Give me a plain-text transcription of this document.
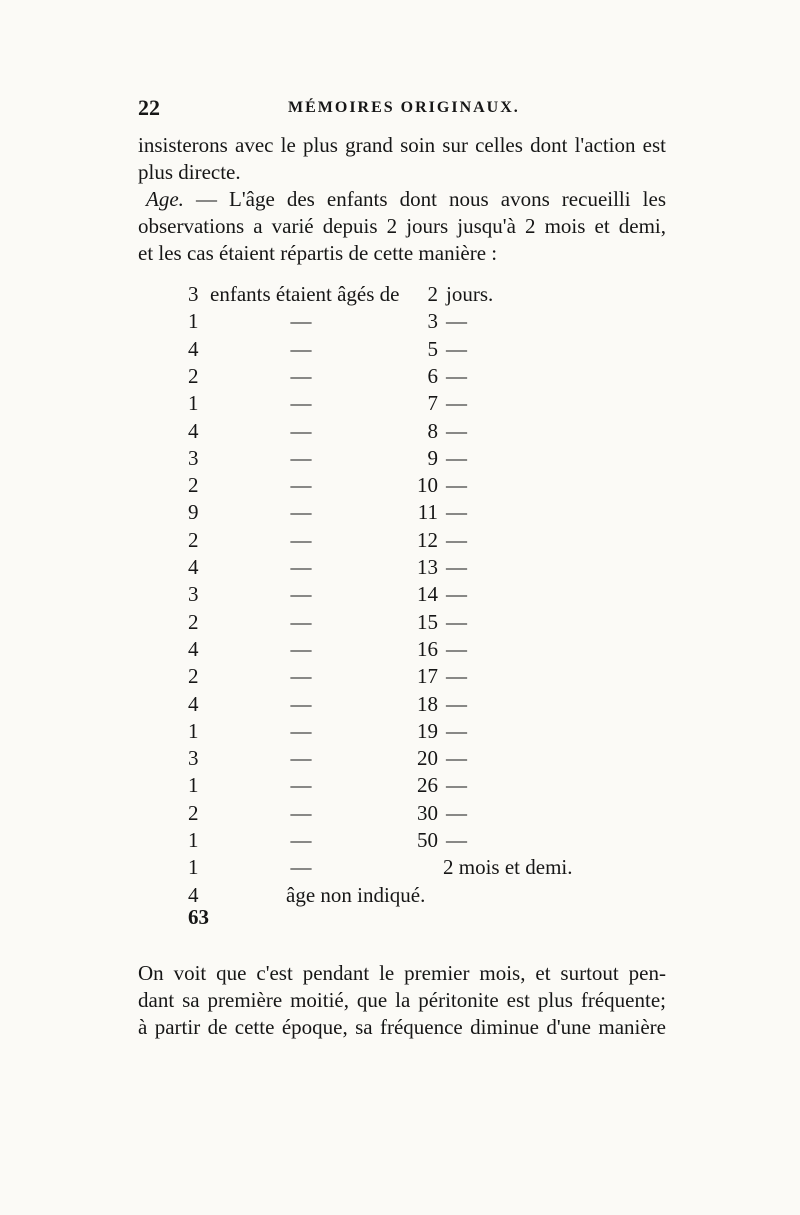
22	MÉMOIRES ORIGINAUX.
insisterons avec le plus grand soin sur celles dont l'action est
plus directe.
Age. — L'âge des enfants dont nous avons recueilli les
observations a varié depuis 2 jours jusqu'à 2 mois et demi,
et les cas étaient répartis de cette manière :
3 enfants étaient âgés de	2 jours.
1	—	3 —
4	—	5 —
2	—	6 —
1	—	7 —
4	—	8 —
3	—	9 —
2	—	10 —
9	—	11 —
2	—	12 —
4	—	13 —
3	—	14 —
2	—	15 —
4	—	16 —
2	—	17 —
4	—	18 —
1	—	19 —
3	—	20 —
1	—	26 —
2	—	30 —
1	—	50 —
1	—	2 mois et demi.
4	âge non indiqué.
63
On voit que c'est pendant le premier mois, et surtout pen-
dant sa première moitié, que la péritonite est plus fréquente;
à partir de cette époque, sa fréquence diminue d'une manière
